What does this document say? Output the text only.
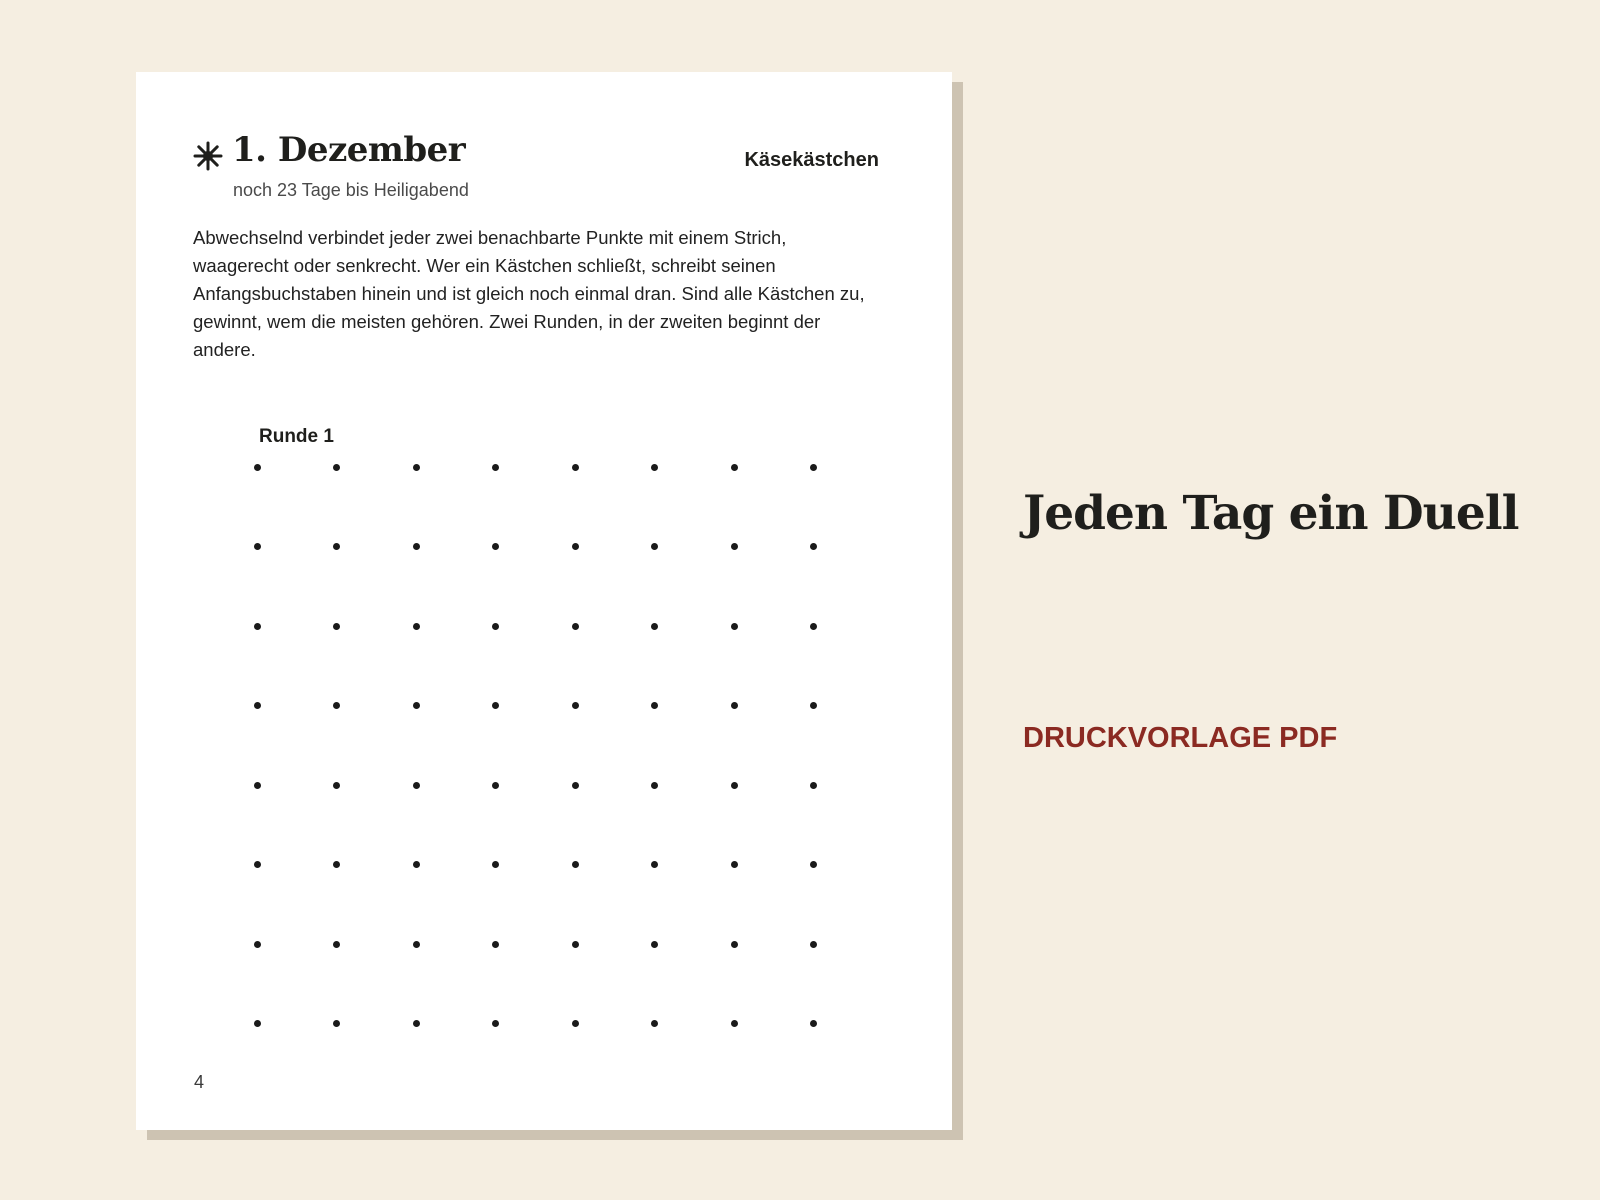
1. Dezember
noch 23 Tage bis Heiligabend
Käsekästchen

Abwechselnd verbindet jeder zwei benachbarte Punkte mit einem Strich, waagerecht oder senkrecht. Wer ein Kästchen schließt, schreibt seinen Anfangsbuchstaben hinein und ist gleich noch einmal dran. Sind alle Kästchen zu, gewinnt, wem die meisten gehören. Zwei Runden, in der zweiten beginnt der andere.

Runde 1
4
Jeden Tag ein Duell
DRUCKVORLAGE PDF
